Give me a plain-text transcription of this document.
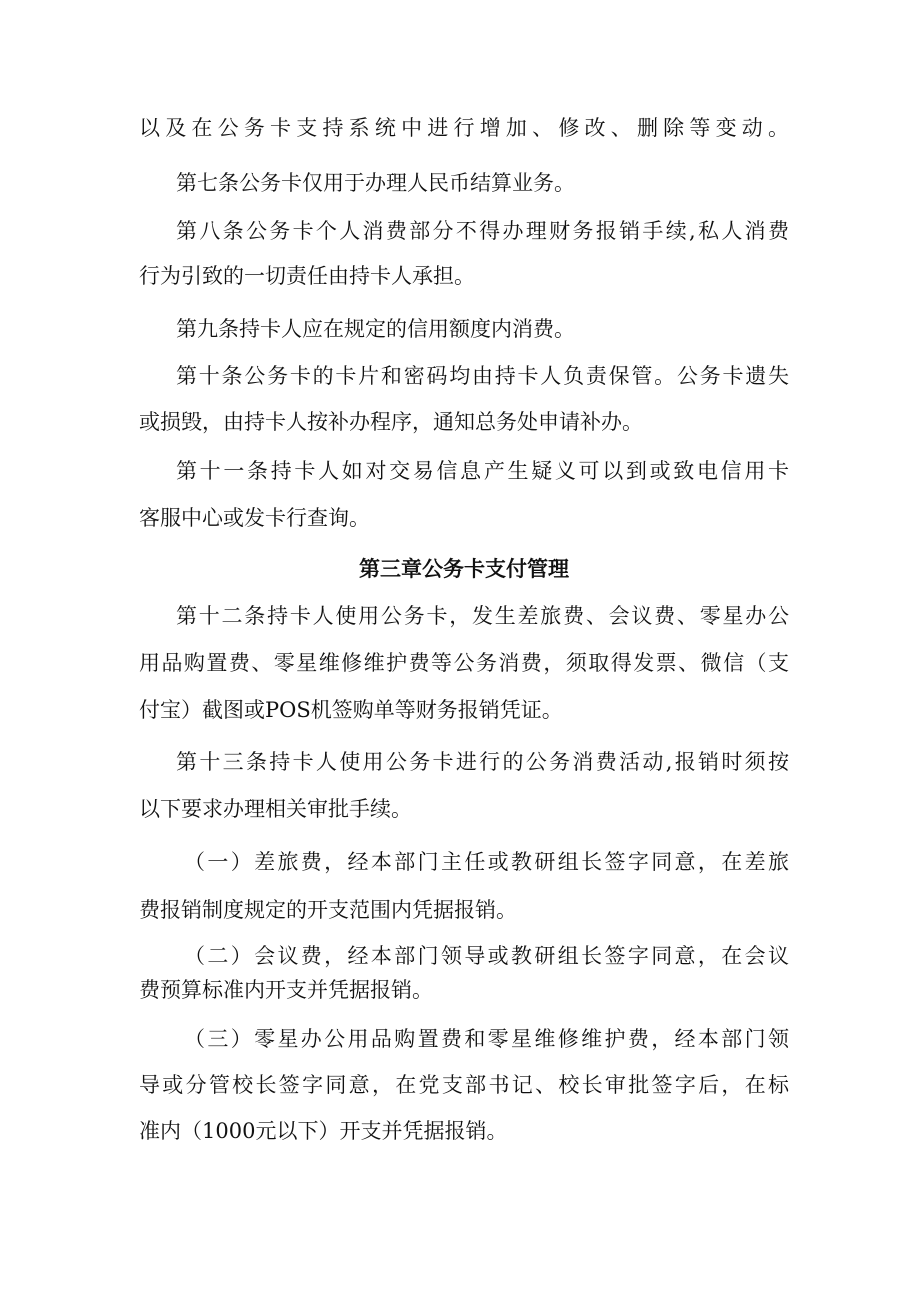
以及在公务卡支持系统中进行增加、修改、删除等变动。
第七条公务卡仅用于办理人民币结算业务。
第八条公务卡个人消费部分不得办理财务报销手续,私人消费
行为引致的一切责任由持卡人承担。
第九条持卡人应在规定的信用额度内消费。
第十条公务卡的卡片和密码均由持卡人负责保管。公务卡遗失
或损毁，由持卡人按补办程序，通知总务处申请补办。
第十一条持卡人如对交易信息产生疑义可以到或致电信用卡
客服中心或发卡行查询。
第三章公务卡支付管理
第十二条持卡人使用公务卡，发生差旅费、会议费、零星办公
用品购置费、零星维修维护费等公务消费，须取得发票、微信（支
付宝）截图或POS机签购单等财务报销凭证。
第十三条持卡人使用公务卡进行的公务消费活动,报销时须按
以下要求办理相关审批手续。
（一）差旅费，经本部门主任或教研组长签字同意，在差旅
费报销制度规定的开支范围内凭据报销。
（二）会议费，经本部门领导或教研组长签字同意，在会议
费预算标准内开支并凭据报销。
（三）零星办公用品购置费和零星维修维护费，经本部门领
导或分管校长签字同意，在党支部书记、校长审批签字后，在标
准内（1000元以下）开支并凭据报销。
